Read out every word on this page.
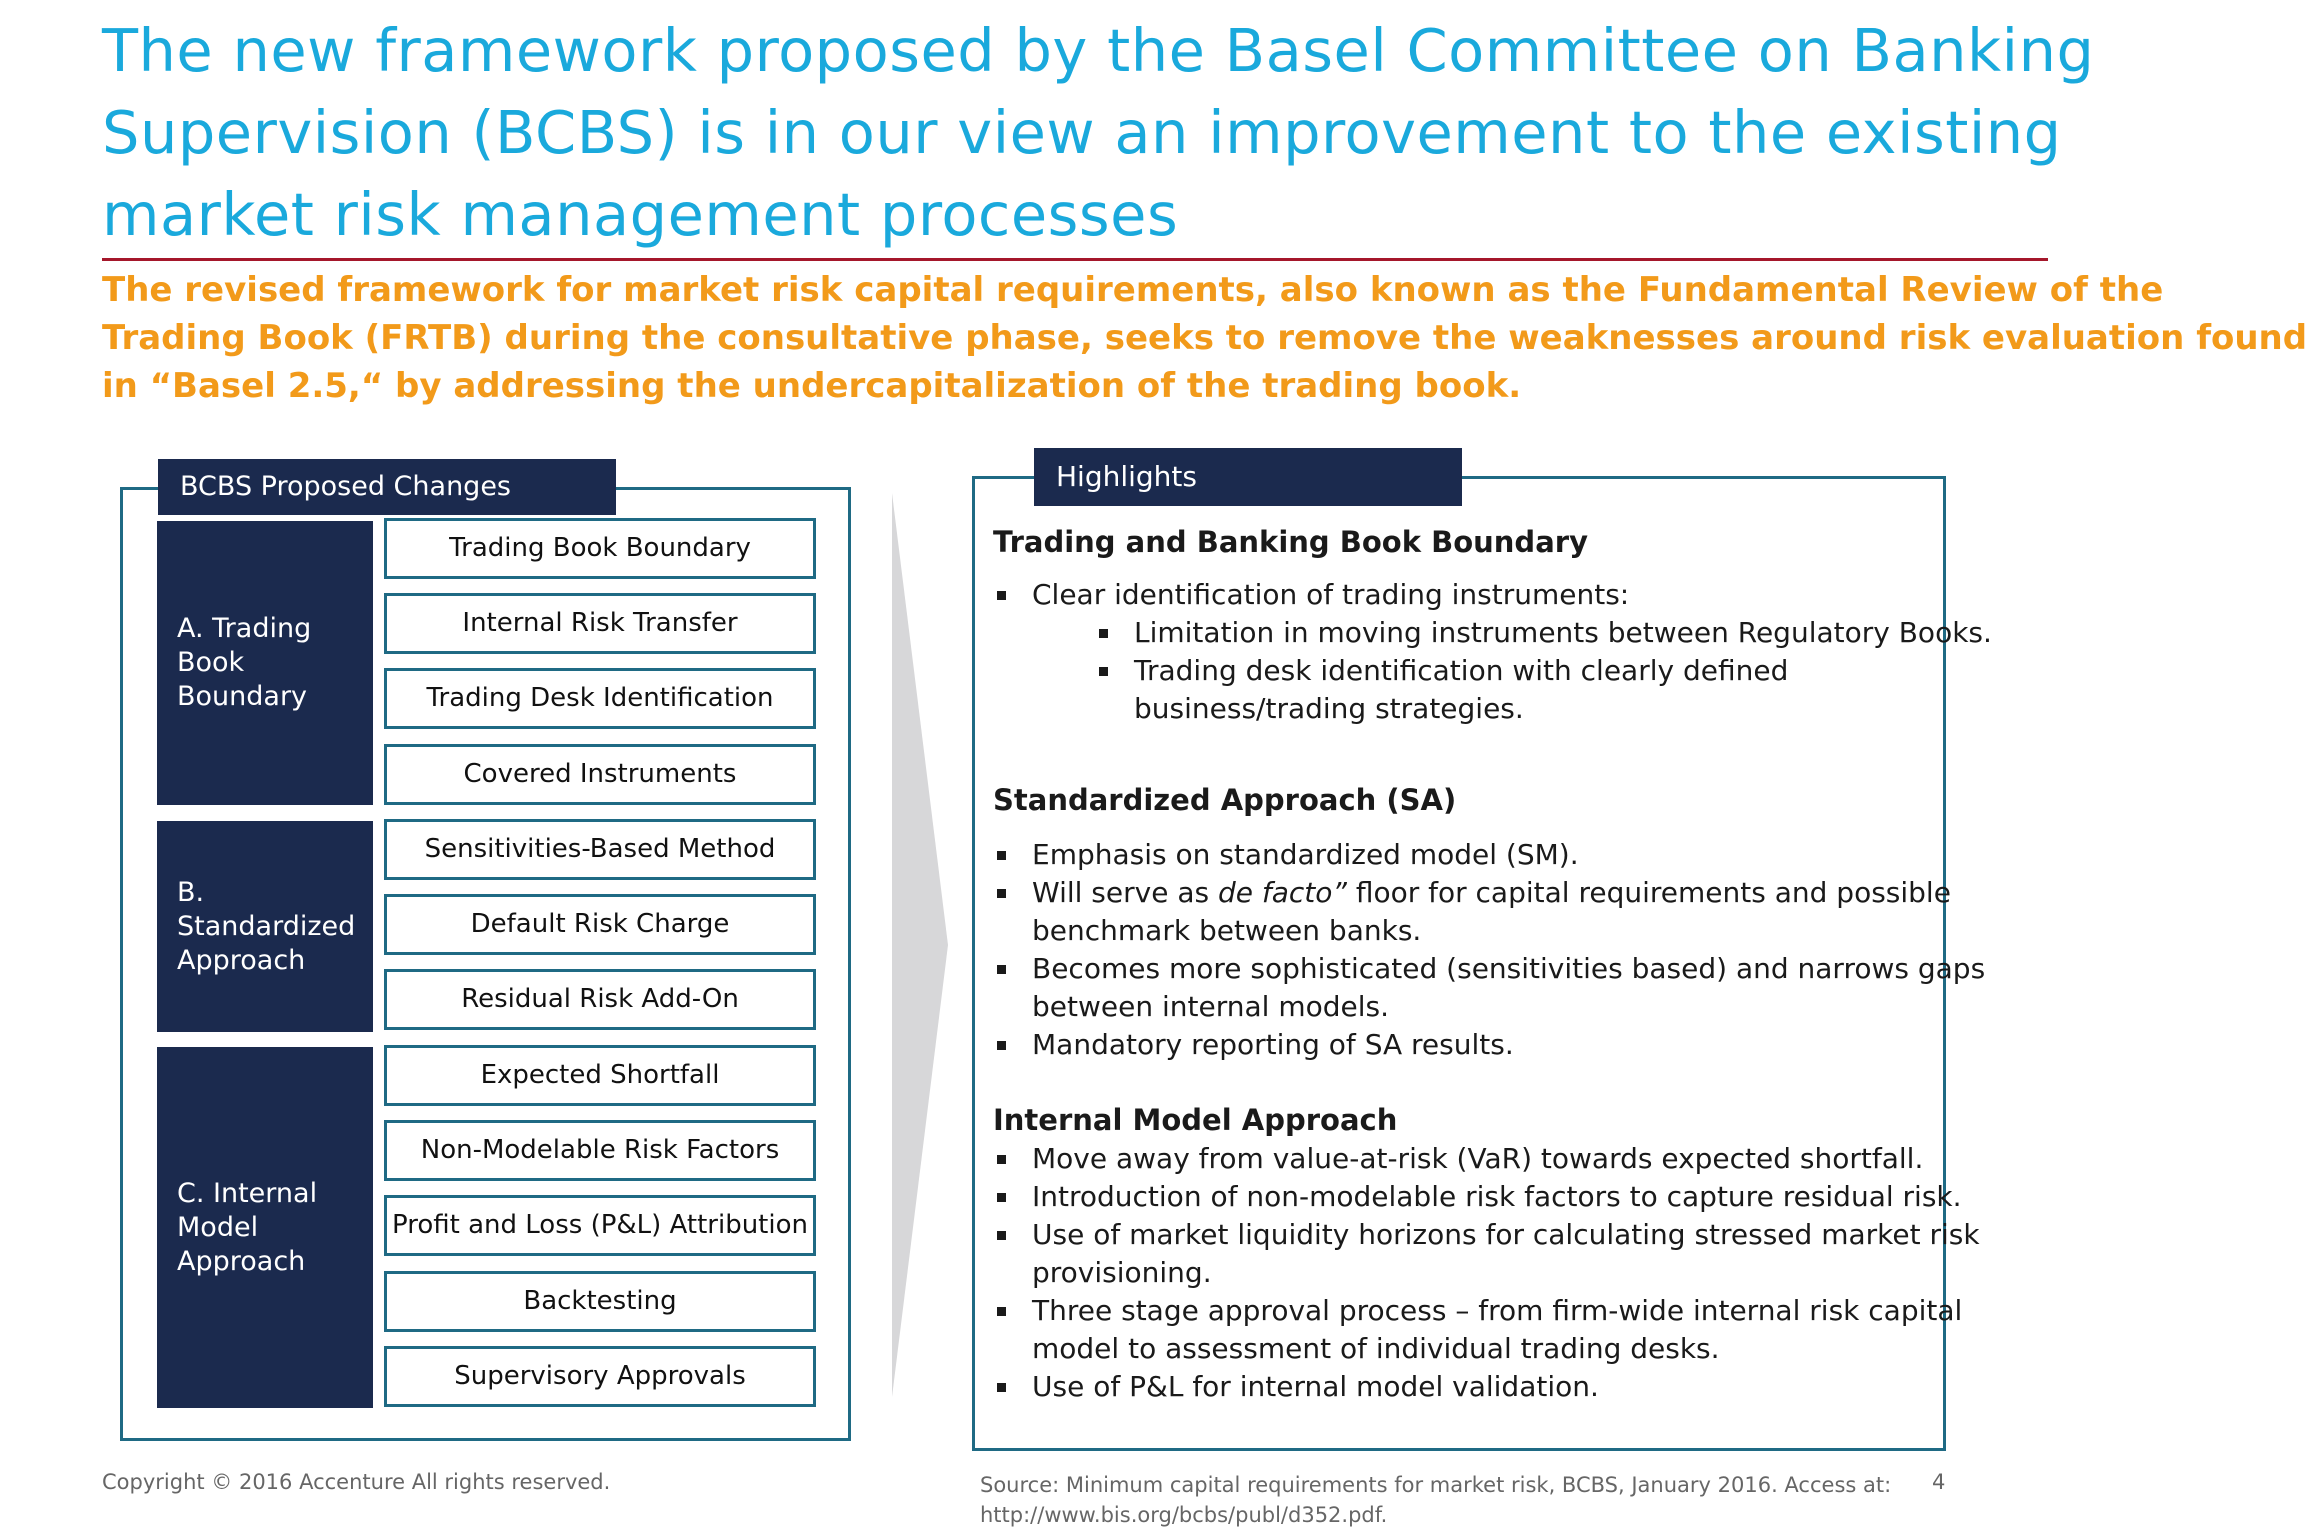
The new framework proposed by the Basel Committee on Banking
Supervision (BCBS) is in our view an improvement to the existing
market risk management processes
The revised framework for market risk capital requirements, also known as the Fundamental Review of the
Trading Book (FRTB) during the consultative phase, seeks to remove the weaknesses around risk evaluation found
in “Basel 2.5,“ by addressing the undercapitalization of the trading book.
BCBS Proposed Changes
A. Trading
Book Boundary
B.
Standardized
Approach
C. Internal
Model
Approach
Trading Book Boundary
Internal Risk Transfer
Trading Desk Identification
Covered Instruments
Sensitivities-Based Method
Default Risk Charge
Residual Risk Add-On
Expected Shortfall
Non-Modelable Risk Factors
Profit and Loss (P&L) Attribution
Backtesting
Supervisory Approvals
Highlights
Trading and Banking Book Boundary
Clear identification of trading instruments:
Limitation in moving instruments between Regulatory Books.
Trading desk identification with clearly defined
business/trading strategies.
Standardized Approach (SA)
Emphasis on standardized model (SM).
Will serve as de facto” floor for capital requirements and possible
benchmark between banks.
Becomes more sophisticated (sensitivities based) and narrows gaps
between internal models.
Mandatory reporting of SA results.
Internal Model Approach
Move away from value-at-risk (VaR) towards expected shortfall.
Introduction of non-modelable risk factors to capture residual risk.
Use of market liquidity horizons for calculating stressed market risk
provisioning.
Three stage approval process – from firm-wide internal risk capital
model to assessment of individual trading desks.
Use of P&L for internal model validation.
Copyright © 2016 Accenture All rights reserved.	Source: Minimum capital requirements for market risk, BCBS, January 2016. Access at:
http://www.bis.org/bcbs/publ/d352.pdf.
4
